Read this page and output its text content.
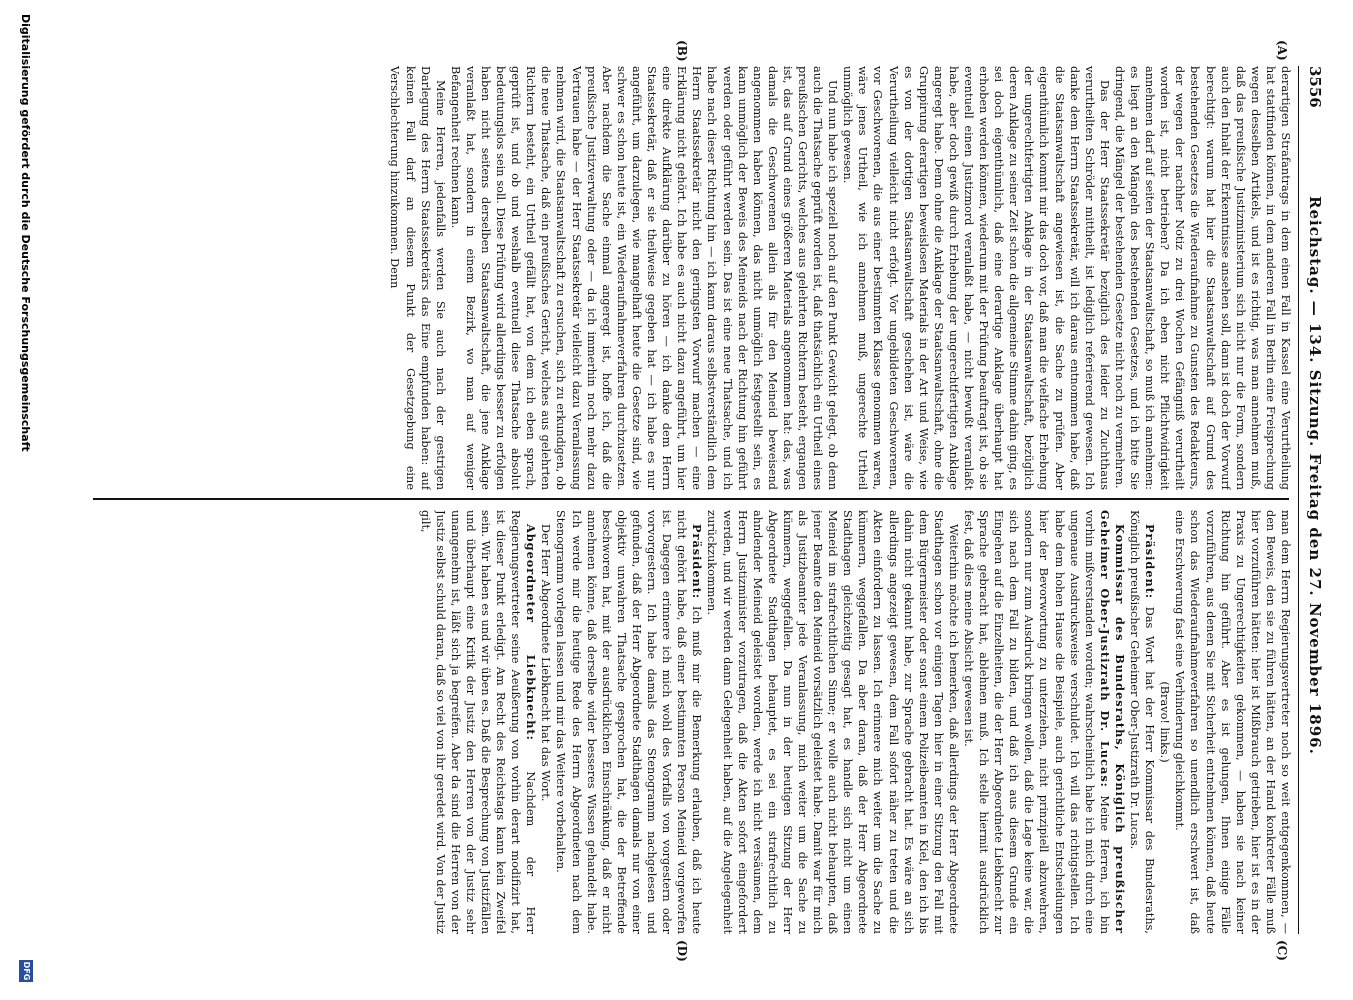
3556
Reichstag. — 134. Sitzung. Freitag den 27. November 1896.
(A)
(B)
(C)
(D)

derartigen Strafantrags in dem einen Fall in Kassel eine Verurtheilung hat stattfinden können, in dem anderen Fall in Berlin eine Freisprechung wegen desselben Artikels, und ist es richtig, was man annehmen muß, daß das preußische Justizministerium sich nicht nur die Form, sondern auch den Inhalt der Erkenntnisse ansehen soll, dann ist doch der Vorwurf berechtigt: warum hat hier die Staatsanwaltschaft auf Grund des bestehenden Gesetzes die Wiederaufnahme zu Gunsten des Redakteurs, der wegen der nachher Notiz zu drei Wochen Gefängniß verurtheilt worden ist, nicht betrieben? Da ich eben nicht Pflichtwidrigkeit annehmen darf auf seiten der Staatsanwaltschaft, so muß ich annehmen: es liegt an den Mängeln des bestehenden Gesetzes, und ich bitte Sie dringend, die Mängel der bestehenden Gesetze nicht noch zu vermehren.

Das der Herr Staatssekretär bezüglich des leider zu Zuchthaus verurtheilten Schröder mittheilt, ist lediglich referierend gewesen. Ich danke dem Herrn Staatssekretär, will ich daraus entnommen habe, daß die Staatsanwaltschaft angewiesen ist, die Sache zu prüfen. Aber eigenthümlich kommt mir das doch vor, daß man die vielfache Erhebung der ungerechtfertigten Anklage in der Staatsanwaltschaft, bezüglich deren Anklage zu seiner Zeit schon die allgemeine Stimme dahin ging, es sei doch eigenthümlich, daß eine derartige Anklage überhaupt hat erhoben werden können, wiederum mit der Prüfung beauftragt ist, ob sie eventuell einen Justizmord veranlaßt habe, — nicht bewußt veranlaßt habe, aber doch gewiß durch Erhebung der ungerechtfertigten Anklage angeregt habe. Denn ohne die Anklage der Staatsanwaltschaft, ohne die Gruppirung derartigen beweislosen Materials in der Art und Weise, wie es von der dortigen Staatsanwaltschaft geschehen ist, wäre die Verurtheilung vielleicht nicht erfolgt. Vor ungebildeten Geschworenen, vor Geschworenen, die aus einer bestimmten Klasse genommen waren, wäre jenes Urtheil, wie ich annehmen muß, ungerechte Urtheil unmöglich gewesen.

Und nun habe ich speziell noch auf den Punkt Gewicht gelegt, ob denn auch die Thatsache geprüft worden ist, daß thatsächlich ein Urtheil eines preußischen Gerichts, welches aus gelehrten Richtern besteht, ergangen ist, das auf Grund eines größeren Materials angenommen hat: das, was damals die Geschworenen allein als für den Meineid beweisend angenommen haben können, das nicht unmöglich festgestellt sein, es kann unmöglich der Beweis des Meineids nach der Richtung hin geführt werden oder geführt werden sein. Das ist eine neue Thatsache, und ich habe nach dieser Richtung hin — ich kann daraus selbstverständlich dem Herrn Staatssekretär nicht den geringsten Vorwurf machen — eine Erklärung nicht gehört. Ich habe es auch nicht dazu angeführt, um hier eine direkte Aufklärung darüber zu hören — ich danke dem Herrn Staatssekretär, daß er sie theilweise gegeben hat — ich habe es nur angeführt, um darzulegen, wie mangelhaft heute die Gesetze sind, wie schwer es schon heute ist, ein Wiederaufnahmeverfahren durchzusetzen. Aber nachdem die Sache einmal angeregt ist, hoffe ich, daß die preußische Justizverwaltung oder — da ich immerhin noch mehr dazu Vertrauen habe — der Herr Staatssekretär vielleicht dazu Veranlassung nehmen wird, die Staatsanwaltschaft zu ersuchen, sich zu erkundigen, ob die neue Thatsache, daß ein preußisches Gericht, welches aus gelehrten Richtern besteht, ein Urtheil gefällt hat, von dem ich eben sprach, geprüft ist, und ob und weshalb eventuell diese Thatsache absolut bedeutungslos sein soll. Diese Prüfung wird allerdings besser zu erfolgen haben nicht seitens derselben Staatsanwaltschaft, die jene Anklage veranlaßt hat, sondern in einem Bezirk, wo man auf weniger Befangenheit rechnen kann.

Meine Herren, jedenfalls werden Sie auch nach der gestrigen Darlegung des Herrn Staatssekretärs das Eine empfunden haben: auf keinen Fall darf an diesem Punkt der Gesetzgebung eine Verschlechterung hinzukommen. Denn

man dem Herrn Regierungsvertreter noch so weit entgegenkommen, — den Beweis, den sie zu führen hätten, an der Hand konkreter Fälle muß hier vorzuführen hätten: hier ist Mißbrauch getrieben, hier ist es in der Praxis zu Ungerechtigkeiten gekommen, — haben sie nach keiner Richtung hin geführt. Aber es ist gelungen, Ihnen einige Fälle vorzuführen, aus denen Sie mit Sicherheit entnehmen können, daß heute schon das Wiederaufnahmeverfahren so unendlich erschwert ist, daß eine Erschwerung fast eine Verhinderung gleichkommt.

(Bravo! links.)

Präsident: Das Wort hat der Herr Kommissar des Bundesraths, Königlich preußischer Geheimer Ober-Justizrath Dr. Lucas.

Kommissar des Bundesraths, Königlich preußischer Geheimer Ober-Justizrath Dr. Lucas: Meine Herren, ich bin vorhin mißverstanden worden; wahrscheinlich habe ich mich durch eine ungenaue Ausdrucksweise verschuldet. Ich will das richtigstellen. Ich habe dem hohen Hause die Beispiele, auch gerichtliche Entscheidungen hier der Bevorwortung zu unterziehen, nicht prinzipiell abzuwehren, sondern nur zum Ausdruck bringen wollen, daß die Lage keine war, die sich nach dem Fall zu bilden, und daß ich aus diesem Grunde ein Eingehen auf die Einzelheiten, die der Herr Abgeordnete Liebknecht zur Sprache gebracht hat, ablehnen muß. Ich stelle hiermit ausdrücklich fest, daß dies meine Absicht gewesen ist.

Weiterhin möchte ich bemerken, daß allerdings der Herr Abgeordnete Stadthagen schon vor einigen Tagen hier in einer Sitzung den Fall mit dem Bürgermeister oder sonst einem Polizeibeamten in Kiel, den ich bis dahin nicht gekannt habe, zur Sprache gebracht hat. Es wäre an sich allerdings angezeigt gewesen, dem Fall sofort näher zu treten und die Akten einfordern zu lassen. Ich erinnere mich weiter um die Sache zu kümmern, weggefallen. Da aber daran, daß der Herr Abgeordnete Stadthagen gleichzeitig gesagt hat, es handle sich nicht um einen Meineid im strafrechtlichen Sinne; er wolle auch nicht behaupten, daß jener Beamte den Meineid vorsätzlich geleistet habe. Damit war für mich als Justizbeamter jede Veranlassung, mich weiter um die Sache zu kümmern, weggefallen. Da nun in der heutigen Sitzung der Herr Abgeordnete Stadthagen behauptet, es sei ein strafrechtlich zu ahndender Meineid geleistet worden, werde ich nicht versäumen, dem Herrn Justizminister vorzutragen, daß die Akten sofort eingefordert werden, und wir werden dann Gelegenheit haben, auf die Angelegenheit zurückzukommen.

Präsident: Ich muß mir die Bemerkung erlauben, daß ich heute nicht gehört habe, daß einer bestimmten Person Meineid vorgeworfen ist. Dagegen erinnere ich mich wohl des Vorfalls von vorgestern oder vorvorgestern. Ich habe damals das Stenogramm nachgelesen und gefunden, daß der Herr Abgeordnete Stadthagen damals nur von einer objektiv unwahren Thatsache gesprochen hat, die der Betreffende beschworen hat, mit der ausdrücklichen Einschränkung, daß er nicht annehmen könne, daß derselbe wider besseres Wissen gehandelt habe. Ich werde mir die heutige Rede des Herrn Abgeordneten nach dem Stenogramm vorlegen lassen und mir das Weitere vorbehalten.

Der Herr Abgeordnete Liebknecht hat das Wort.

Abgeordneter Liebknecht: Nachdem der Herr Regierungsvertreter seine Aeußerung von vorhin derart modifizirt hat, ist dieser Punkt erledigt. Am Recht des Reichstags kann kein Zweifel sein. Wir haben es und wir üben es. Daß die Besprechung von Justizfällen und überhaupt eine Kritik der Justiz den Herren von der Justiz sehr unangenehm ist, läßt sich ja begreifen. Aber da sind die Herren von der Justiz selbst schuld daran, daß so viel von ihr geredet wird. Von der Justiz gilt,

Digitalisierung gefördert durch die Deutsche Forschungsgemeinschaft
DFG
